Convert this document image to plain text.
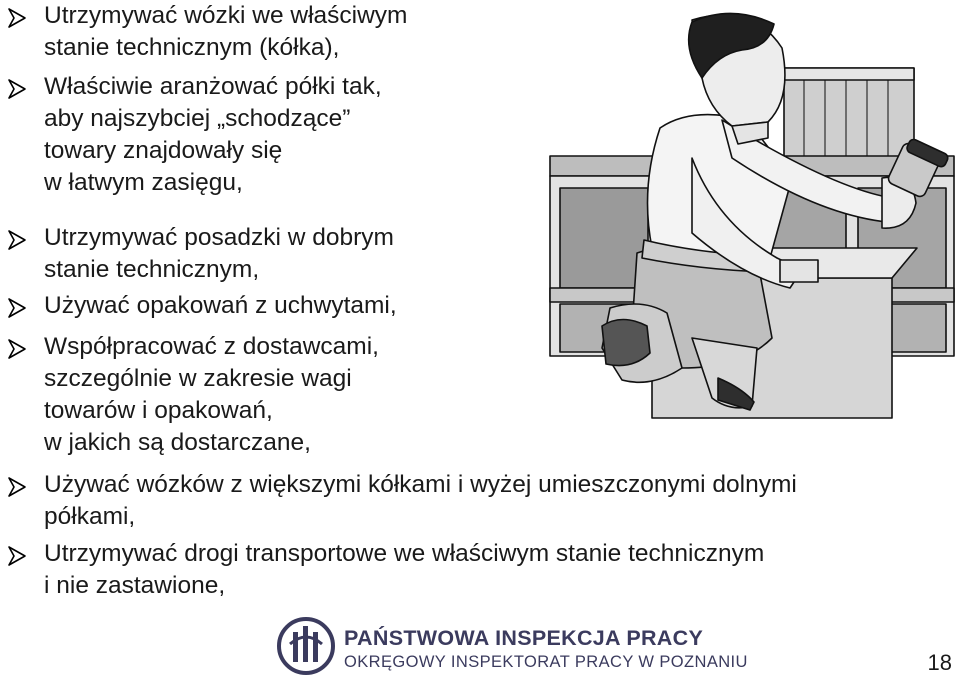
Utrzymywać wózki we właściwym
stanie technicznym (kółka),
Właściwie aranżować półki tak,
aby najszybciej „schodzące”
towary znajdowały się
w łatwym zasięgu,
Utrzymywać posadzki w dobrym
stanie technicznym,
Używać opakowań z uchwytami,
Współpracować z dostawcami,
szczególnie w zakresie wagi
towarów i opakowań,
w jakich są dostarczane,
Używać wózków z większymi kółkami i wyżej umieszczonymi dolnymi
półkami,
Utrzymywać drogi transportowe we właściwym stanie technicznym
i nie zastawione,
PAŃSTWOWA INSPEKCJA PRACY
OKRĘGOWY INSPEKTORAT PRACY W POZNANIU	18
